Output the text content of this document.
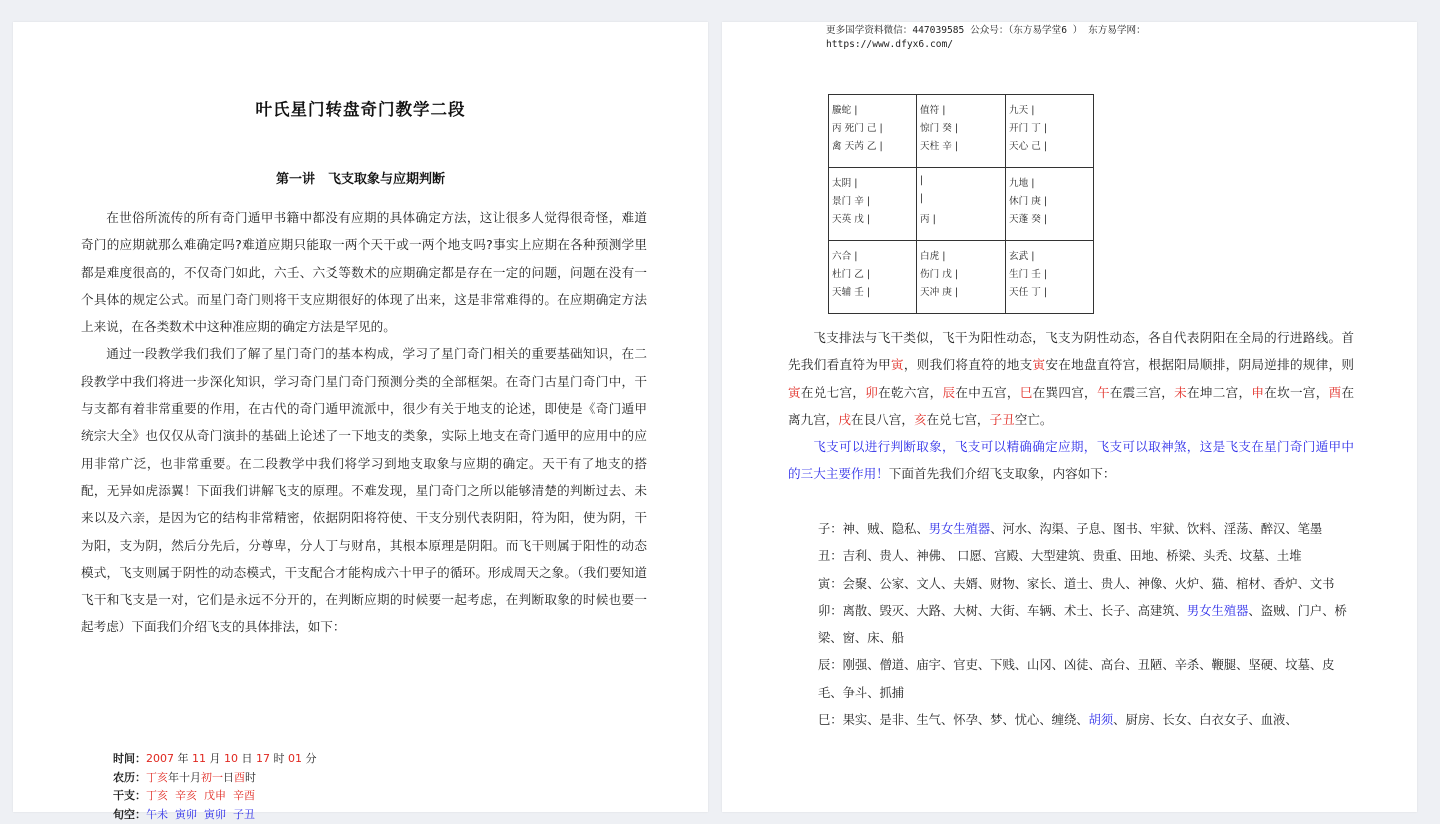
叶氏星门转盘奇门教学二段
第一讲　飞支取象与应期判断

在世俗所流传的所有奇门遁甲书籍中都没有应期的具体确定方法，这让很多人觉得很奇怪，难道奇门的应期就那么难确定吗?难道应期只能取一两个天干或一两个地支吗?事实上应期在各种预测学里都是难度很高的，不仅奇门如此，六壬、六爻等数术的应期确定都是存在一定的问题，问题在没有一个具体的规定公式。而星门奇门则将干支应期很好的体现了出来，这是非常难得的。在应期确定方法上来说，在各类数术中这种准应期的确定方法是罕见的。

通过一段教学我们我们了解了星门奇门的基本构成，学习了星门奇门相关的重要基础知识，在二段教学中我们将进一步深化知识，学习奇门星门奇门预测分类的全部框架。在奇门古星门奇门中，干与支都有着非常重要的作用，在古代的奇门遁甲流派中，很少有关于地支的论述，即使是《奇门遁甲统宗大全》也仅仅从奇门演卦的基础上论述了一下地支的类象，实际上地支在奇门遁甲的应用中的应用非常广泛，也非常重要。在二段教学中我们将学习到地支取象与应期的确定。天干有了地支的搭配，无异如虎添翼！下面我们讲解飞支的原理。不难发现，星门奇门之所以能够清楚的判断过去、未来以及六亲，是因为它的结构非常精密，依据阴阳将符使、干支分别代表阴阳，符为阳，使为阴，干为阳，支为阴，然后分先后，分尊卑，分人丁与财帛，其根本原理是阴阳。而飞干则属于阳性的动态模式，飞支则属于阴性的动态模式，干支配合才能构成六十甲子的循环。形成周天之象。（我们要知道飞干和飞支是一对，它们是永远不分开的，在判断应期的时候要一起考虑，在判断取象的时候也要一起考虑）下面我们介绍飞支的具体排法，如下：

时间：2007 年 11 月 10 日 17 时 01 分
农历：丁亥年十月初一日酉时
干支：丁亥 辛亥 戊申 辛酉
旬空：午未 寅卯 寅卯 子丑
更多国学资料微信：447039585 公众号：（东方易学堂6 ） 东方易学网：
https://www.dfyx6.com/
螣蛇 |
丙 死门 己 |
禽 天芮 乙 |
值符 |
惊门 癸 |
天柱 辛 |
九天 |
开门 丁 |
天心 己 |
太阴 |
景门 辛 |
天英 戊 |
|
|
丙 |
九地 |
休门 庚 |
天蓬 癸 |
六合 |
杜门 乙 |
天辅 壬 |
白虎 |
伤门 戊 |
天冲 庚 |
玄武 |
生门 壬 |
天任 丁 |

飞支排法与飞干类似，飞干为阳性动态，飞支为阴性动态，各自代表阴阳在全局的行进路线。首先我们看直符为甲寅，则我们将直符的地支寅安在地盘直符宫，根据阳局顺排，阴局逆排的规律，则寅在兑七宫，卯在乾六宫，辰在中五宫，巳在巽四宫，午在震三宫，未在坤二宫，申在坎一宫，酉在离九宫，戌在艮八宫，亥在兑七宫，子丑空亡。

飞支可以进行判断取象，飞支可以精确确定应期，飞支可以取神煞，这是飞支在星门奇门遁甲中的三大主要作用！下面首先我们介绍飞支取象，内容如下：

子：神、贼、隐私、男女生殖器、河水、沟渠、子息、图书、牢狱、饮料、淫荡、醉汉、笔墨

丑：吉利、贵人、神佛、 口愿、宫殿、大型建筑、贵重、田地、桥梁、头秃、坟墓、土堆

寅：会聚、公家、文人、夫婿、财物、家长、道士、贵人、神像、火炉、猫、棺材、香炉、文书

卯：离散、毁灭、大路、大树、大街、车辆、术士、长子、高建筑、男女生殖器、盗贼、门户、桥梁、窗、床、船

辰：刚强、僧道、庙宇、官吏、下贱、山冈、凶徒、高台、丑陋、辛杀、鞭腿、坚硬、坟墓、皮毛、争斗、抓捕

巳：果实、是非、生气、怀孕、梦、忧心、缠绕、胡须、厨房、长女、白衣女子、血液、
